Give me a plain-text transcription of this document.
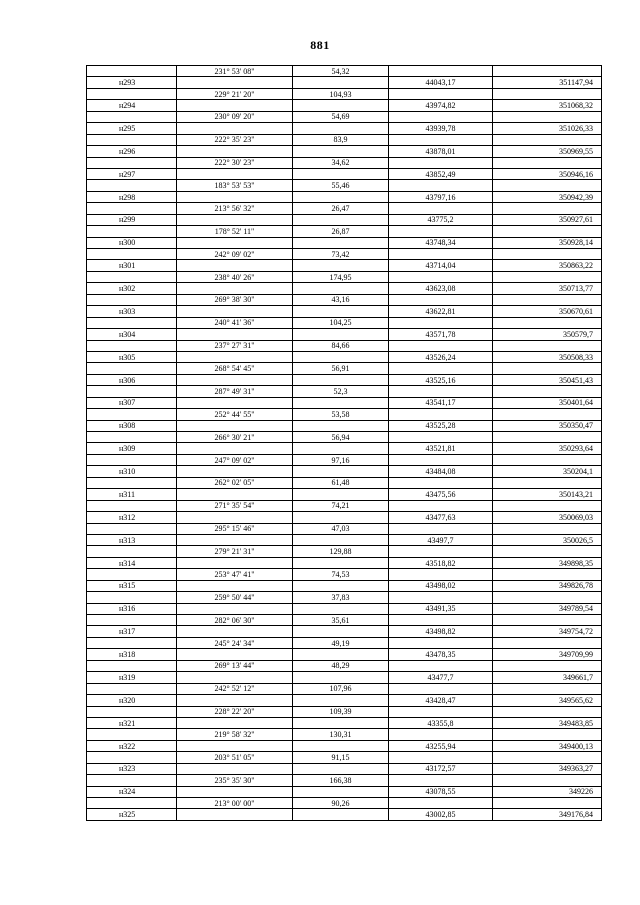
881
	231° 53' 08"	54,32		
н293			44043,17	351147,94
	229° 21' 20"	104,93		
н294			43974,82	351068,32
	230° 09' 20"	54,69		
н295			43939,78	351026,33
	222° 35' 23"	83,9		
н296			43878,01	350969,55
	222° 30' 23"	34,62		
н297			43852,49	350946,16
	183° 53' 53"	55,46		
н298			43797,16	350942,39
	213° 56' 32"	26,47		
н299			43775,2	350927,61
	178° 52' 11"	26,87		
н300			43748,34	350928,14
	242° 09' 02"	73,42		
н301			43714,04	350863,22
	238° 40' 26"	174,95		
н302			43623,08	350713,77
	269° 38' 30"	43,16		
н303			43622,81	350670,61
	240° 41' 36"	104,25		
н304			43571,78	350579,7
	237° 27' 31"	84,66		
н305			43526,24	350508,33
	268° 54' 45"	56,91		
н306			43525,16	350451,43
	287° 49' 31"	52,3		
н307			43541,17	350401,64
	252° 44' 55"	53,58		
н308			43525,28	350350,47
	266° 30' 21"	56,94		
н309			43521,81	350293,64
	247° 09' 02"	97,16		
н310			43484,08	350204,1
	262° 02' 05"	61,48		
н311			43475,56	350143,21
	271° 35' 54"	74,21		
н312			43477,63	350069,03
	295° 15' 46"	47,03		
н313			43497,7	350026,5
	279° 21' 31"	129,88		
н314			43518,82	349898,35
	253° 47' 41"	74,53		
н315			43498,02	349826,78
	259° 50' 44"	37,83		
н316			43491,35	349789,54
	282° 06' 30"	35,61		
н317			43498,82	349754,72
	245° 24' 34"	49,19		
н318			43478,35	349709,99
	269° 13' 44"	48,29		
н319			43477,7	349661,7
	242° 52' 12"	107,96		
н320			43428,47	349565,62
	228° 22' 20"	109,39		
н321			43355,8	349483,85
	219° 58' 32"	130,31		
н322			43255,94	349400,13
	203° 51' 05"	91,15		
н323			43172,57	349363,27
	235° 35' 30"	166,38		
н324			43078,55	349226
	213° 00' 00"	90,26		
н325			43002,85	349176,84
